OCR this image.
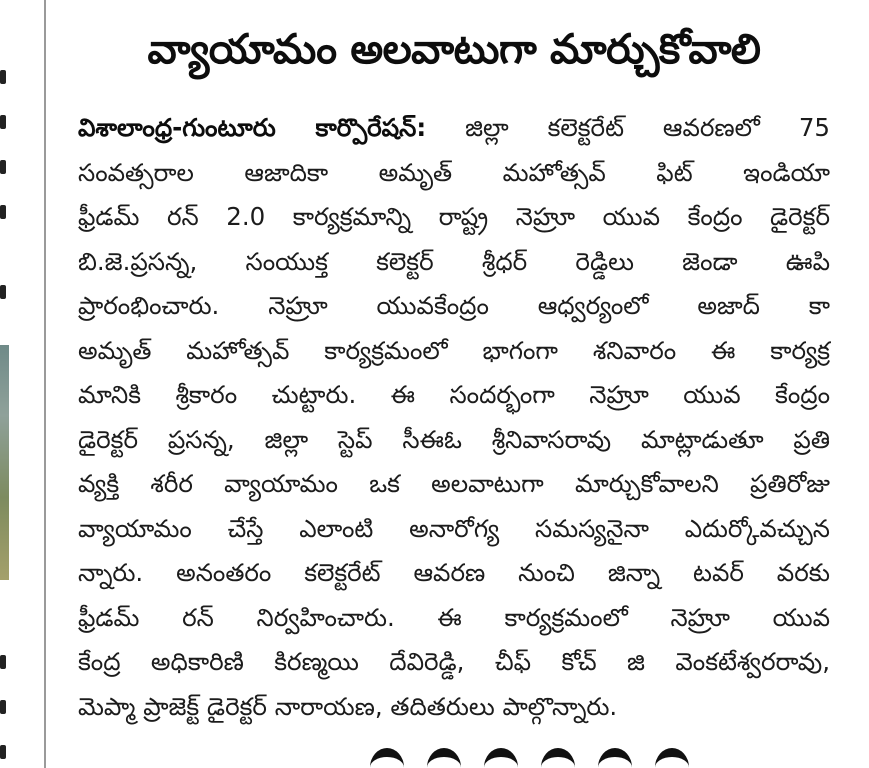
వ్యాయామం అలవాటుగా మార్చుకోవాలి
విశాలాంధ్ర-గుంటూరు కార్పొరేషన్: జిల్లా కలెక్టరేట్ ఆవరణలో 75
సంవత్సరాల ఆజాదికా అమృత్ మహోత్సవ్ ఫిట్ ఇండియా
ఫ్రీడమ్ రన్ 2.0 కార్యక్రమాన్ని రాష్ట్ర నెహ్రూ యువ కేంద్రం డైరెక్టర్
బి.జె.ప్రసన్న, సంయుక్త కలెక్టర్ శ్రీధర్ రెడ్డిలు జెండా ఊపి
ప్రారంభించారు. నెహ్రూ యువకేంద్రం ఆధ్వర్యంలో అజాద్ కా
అమృత్ మహోత్సవ్ కార్యక్రమంలో భాగంగా శనివారం ఈ కార్యక్ర
మానికి శ్రీకారం చుట్టారు. ఈ సందర్భంగా నెహ్రూ యువ కేంద్రం
డైరెక్టర్ ప్రసన్న, జిల్లా స్టెప్ సీఈఓ శ్రీనివాసరావు మాట్లాడుతూ ప్రతి
వ్యక్తి శరీర వ్యాయామం ఒక అలవాటుగా మార్చుకోవాలని ప్రతిరోజు
వ్యాయామం చేస్తే ఎలాంటి అనారోగ్య సమస్యనైనా ఎదుర్కోవచ్చున
న్నారు. అనంతరం కలెక్టరేట్ ఆవరణ నుంచి జిన్నా టవర్ వరకు
ఫ్రీడమ్ రన్ నిర్వహించారు. ఈ కార్యక్రమంలో నెహ్రూ యువ
కేంద్ర అధికారిణి కిరణ్మయి దేవిరెడ్డి, చీఫ్ కోచ్ జి వెంకటేశ్వరరావు,
మెప్మా ప్రాజెక్ట్ డైరెక్టర్ నారాయణ, తదితరులు పాల్గొన్నారు.
